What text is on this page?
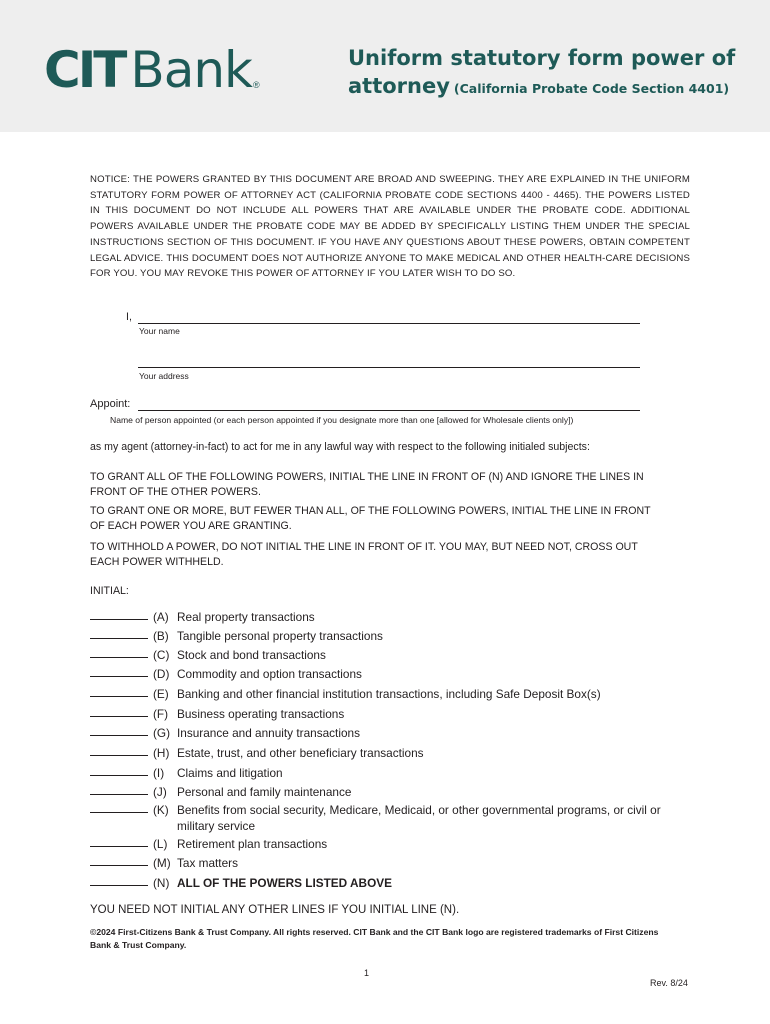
CIT Bank ®
Uniform statutory form power of
attorney (California Probate Code Section 4401)
NOTICE: THE POWERS GRANTED BY THIS DOCUMENT ARE BROAD AND SWEEPING. THEY ARE EXPLAINED IN THE UNIFORM STATUTORY FORM POWER OF ATTORNEY ACT (CALIFORNIA PROBATE CODE SECTIONS 4400 - 4465). THE POWERS LISTED IN THIS DOCUMENT DO NOT INCLUDE ALL POWERS THAT ARE AVAILABLE UNDER THE PROBATE CODE. ADDITIONAL POWERS AVAILABLE UNDER THE PROBATE CODE MAY BE ADDED BY SPECIFICALLY LISTING THEM UNDER THE SPECIAL INSTRUCTIONS SECTION OF THIS DOCUMENT. IF YOU HAVE ANY QUESTIONS ABOUT THESE POWERS, OBTAIN COMPETENT LEGAL ADVICE. THIS DOCUMENT DOES NOT AUTHORIZE ANYONE TO MAKE MEDICAL AND OTHER HEALTH-CARE DECISIONS FOR YOU. YOU MAY REVOKE THIS POWER OF ATTORNEY IF YOU LATER WISH TO DO SO.
I,
Your name
Your address
Appoint:
Name of person appointed (or each person appointed if you designate more than one [allowed for Wholesale clients only])
as my agent (attorney-in-fact) to act for me in any lawful way with respect to the following initialed subjects:
TO GRANT ALL OF THE FOLLOWING POWERS, INITIAL THE LINE IN FRONT OF (N) AND IGNORE THE LINES IN FRONT OF THE OTHER POWERS.
TO GRANT ONE OR MORE, BUT FEWER THAN ALL, OF THE FOLLOWING POWERS, INITIAL THE LINE IN FRONT OF EACH POWER YOU ARE GRANTING.
TO WITHHOLD A POWER, DO NOT INITIAL THE LINE IN FRONT OF IT. YOU MAY, BUT NEED NOT, CROSS OUT EACH POWER WITHHELD.
INITIAL:
(A) Real property transactions
(B) Tangible personal property transactions
(C) Stock and bond transactions
(D) Commodity and option transactions
(E) Banking and other financial institution transactions, including Safe Deposit Box(s)
(F) Business operating transactions
(G) Insurance and annuity transactions
(H) Estate, trust, and other beneficiary transactions
(I)	Claims and litigation
(J) Personal and family maintenance
(K) Benefits from social security, Medicare, Medicaid, or other governmental programs, or civil or military service
(L) Retirement plan transactions
(M) Tax matters
(N) ALL OF THE POWERS LISTED ABOVE
YOU NEED NOT INITIAL ANY OTHER LINES IF YOU INITIAL LINE (N).
©2024 First-Citizens Bank & Trust Company. All rights reserved. CIT Bank and the CIT Bank logo are registered trademarks of First Citizens Bank & Trust Company.
1
Rev. 8/24
